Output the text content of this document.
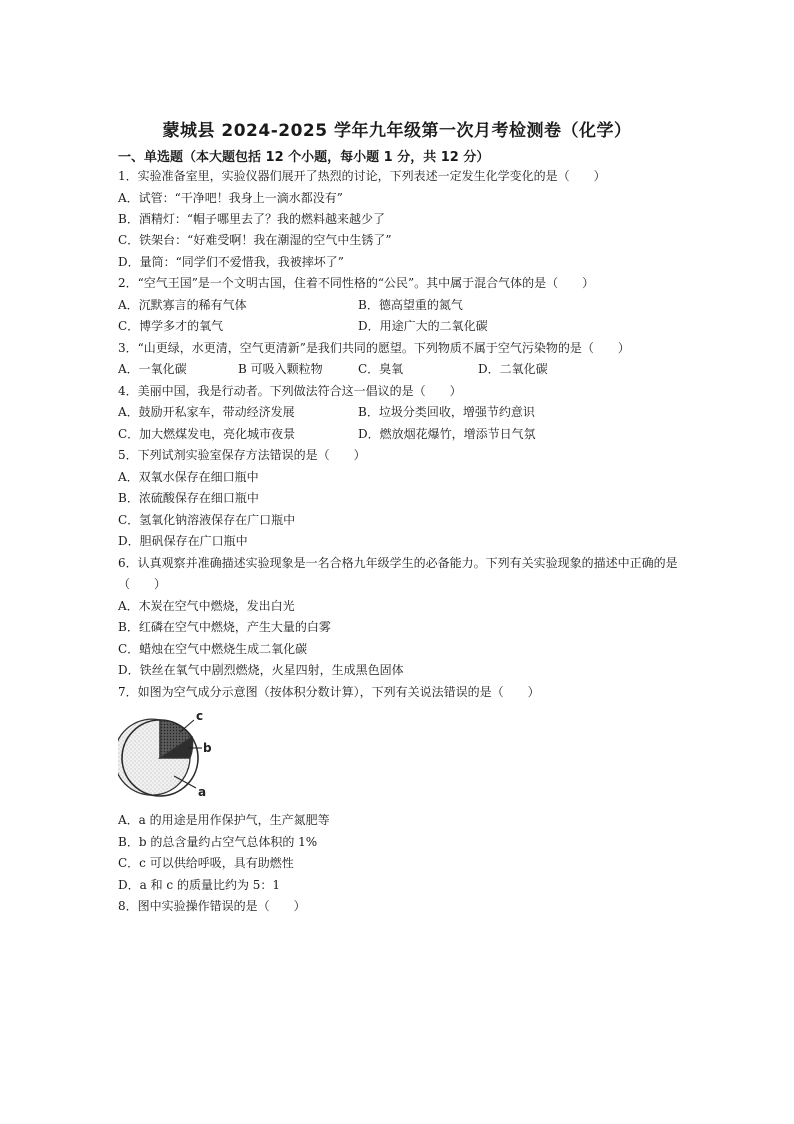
蒙城县 2024-2025 学年九年级第一次月考检测卷（化学）
一、单选题（本大题包括 12 个小题，每小题 1 分，共 12 分）
1．实验准备室里，实验仪器们展开了热烈的讨论，下列表述一定发生化学变化的是（　　）
A．试管：“干净吧！我身上一滴水都没有”
B．酒精灯：“帽子哪里去了？我的燃料越来越少了
C．铁架台：“好难受啊！我在潮湿的空气中生锈了”
D．量筒：“同学们不爱惜我，我被摔坏了”
2．“空气王国”是一个文明古国，住着不同性格的“公民”。其中属于混合气体的是（　　）
A．沉默寡言的稀有气体	B．德高望重的氮气
C．博学多才的氧气	D．用途广大的二氧化碳
3．“山更绿，水更清，空气更清新”是我们共同的愿望。下列物质不属于空气污染物的是（　　）
A．一氧化碳	B 可吸入颗粒物	C．臭氧	D．二氧化碳
4．美丽中国，我是行动者。下列做法符合这一倡议的是（　　）
A．鼓励开私家车，带动经济发展	B．垃圾分类回收，增强节约意识
C．加大燃煤发电，亮化城市夜景	D．燃放烟花爆竹，增添节日气氛
5．下列试剂实验室保存方法错误的是（　　）
A．双氧水保存在细口瓶中
B．浓硫酸保存在细口瓶中
C．氢氧化钠溶液保存在广口瓶中
D．胆矾保存在广口瓶中
6．认真观察并准确描述实验现象是一名合格九年级学生的必备能力。下列有关实验现象的描述中正确的是
（　　）
A．木炭在空气中燃烧，发出白光
B．红磷在空气中燃烧，产生大量的白雾
C．蜡烛在空气中燃烧生成二氧化碳
D．铁丝在氧气中剧烈燃烧，火星四射，生成黑色固体
7．如图为空气成分示意图（按体积分数计算），下列有关说法错误的是（　　）
c
b
a
A．a 的用途是用作保护气，生产氮肥等
B．b 的总含量约占空气总体积的 1%
C．c 可以供给呼吸，具有助燃性
D．a 和 c 的质量比约为 5：1
8．图中实验操作错误的是（　　）
